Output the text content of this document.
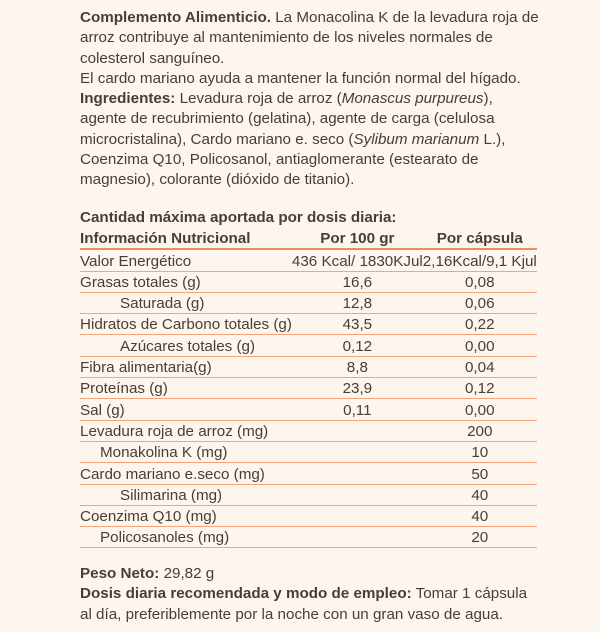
Complemento Alimenticio. La Monacolina K de la levadura roja de arroz contribuye al mantenimiento de los niveles normales de colesterol sanguíneo.
El cardo mariano ayuda a mantener la función normal del hígado.
Ingredientes: Levadura roja de arroz (Monascus purpureus), agente de recubrimiento (gelatina), agente de carga (celulosa microcristalina), Cardo mariano e. seco (Sylibum marianum L.), Coenzima Q10, Policosanol, antiaglomerante (estearato de magnesio), colorante (dióxido de titanio).
Cantidad máxima aportada por dosis diaria:
Información Nutricional	Por 100 gr	Por cápsula
Valor Energético	436 Kcal/ 1830KJul	2,16Kcal/9,1 Kjul
Grasas totales (g)	16,6	0,08
Saturada (g)	12,8	0,06
Hidratos de Carbono totales (g)	43,5	0,22
Azúcares totales (g)	0,12	0,00
Fibra alimentaria(g)	8,8	0,04
Proteínas (g)	23,9	0,12
Sal (g)	0,11	0,00
Levadura roja de arroz (mg)		200
Monakolina K (mg)		10
Cardo mariano e.seco (mg)		50
Silimarina (mg)		40
Coenzima Q10 (mg)		40
Policosanoles (mg)		20
Peso Neto: 29,82 g
Dosis diaria recomendada y modo de empleo: Tomar 1 cápsula al día, preferiblemente por la noche con un gran vaso de agua.
